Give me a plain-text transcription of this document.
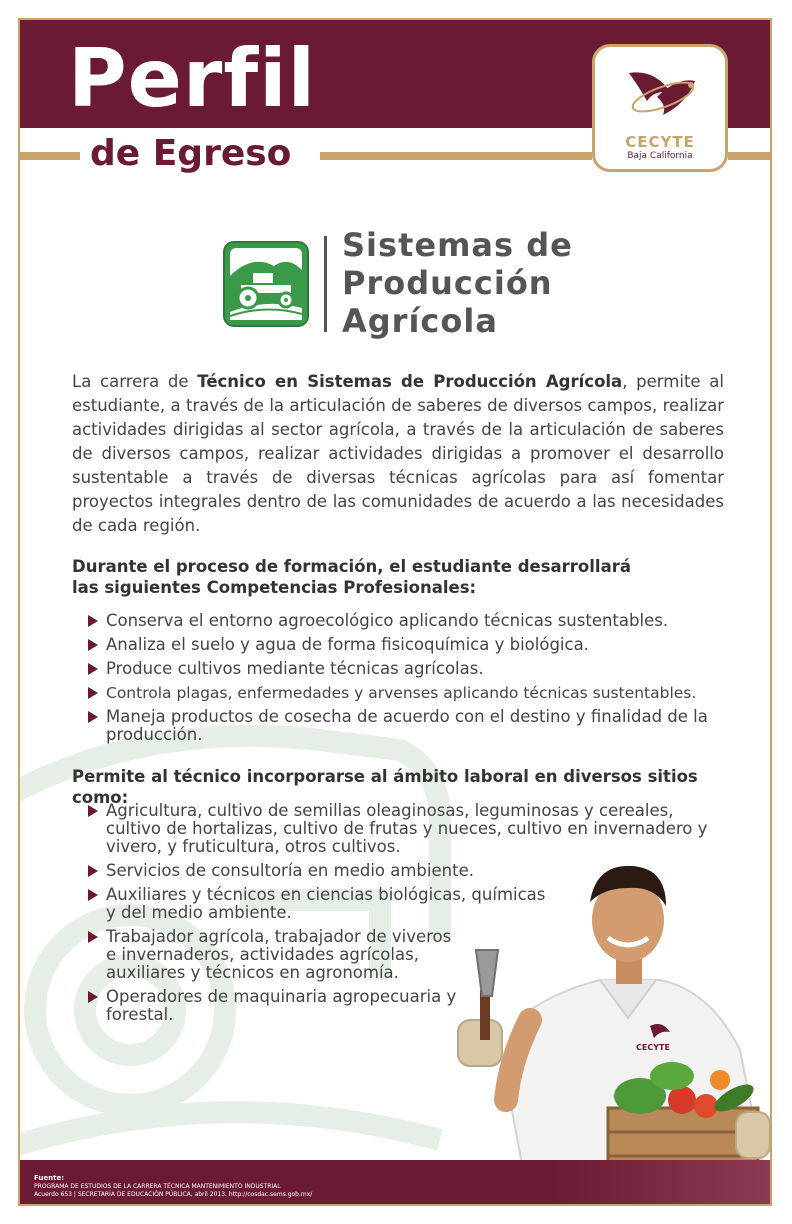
Perfil
de Egreso	CECYTE
Baja California
Sistemas de
Producción
Agrícola
La carrera de Técnico en Sistemas de Producción Agrícola, permite al estudiante, a través de la articulación de saberes de diversos campos, realizar actividades dirigidas al sector agrícola, a través de la articulación de saberes de diversos campos, realizar actividades dirigidas a promover el desarrollo sustentable a través de diversas técnicas agrícolas para así fomentar proyectos integrales dentro de las comunidades de acuerdo a las necesidades de cada región.
Durante el proceso de formación, el estudiante desarrollará
las siguientes Competencias Profesionales:
Conserva el entorno agroecológico aplicando técnicas sustentables.
Analiza el suelo y agua de forma fisicoquímica y biológica.
Produce cultivos mediante técnicas agrícolas.
Controla plagas, enfermedades y arvenses aplicando técnicas sustentables.
Maneja productos de cosecha de acuerdo con el destino y finalidad de la producción.
Permite al técnico incorporarse al ámbito laboral en diversos sitios como:
Agricultura, cultivo de semillas oleaginosas, leguminosas y cereales, cultivo de hortalizas, cultivo de frutas y nueces, cultivo en invernadero y vivero, y fruticultura, otros cultivos.
Servicios de consultoría en medio ambiente.
Auxiliares y técnicos en ciencias biológicas, químicas y del medio ambiente.
Trabajador agrícola, trabajador de viveros e invernaderos, actividades agrícolas, auxiliares y técnicos en agronomía.
Operadores de maquinaria agropecuaria y forestal.
CECYTE
Fuente:
PROGRAMA DE ESTUDIOS DE LA CARRERA TÉCNICA MANTENIMIENTO INDUSTRIAL
Acuerdo 653 | SECRETARÍA DE EDUCACIÓN PÚBLICA, abril 2013. http://cosdac.sems.gob.mx/
